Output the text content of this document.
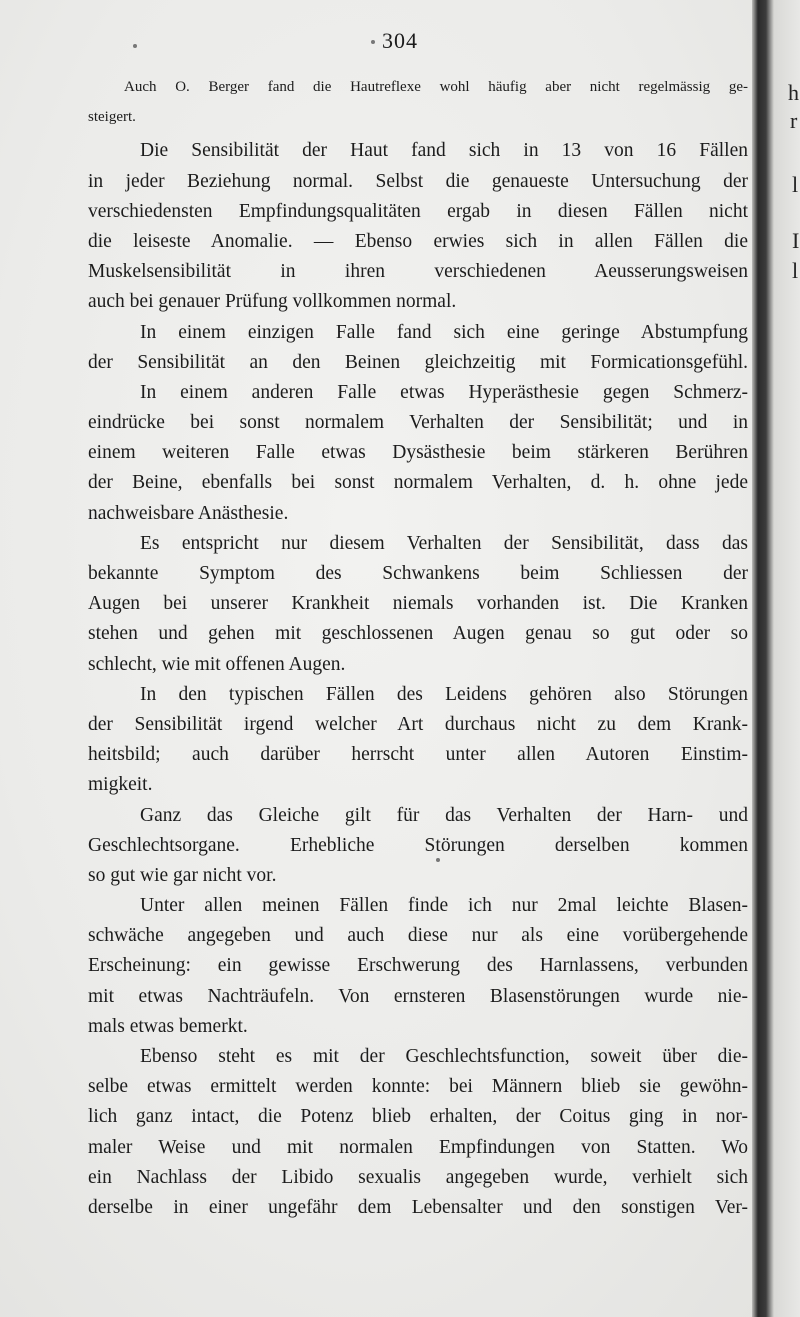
h
r
l
I
l
304
Auch O. Berger fand die Hautreflexe wohl häufig aber nicht regelmässig ge-
steigert.
Die Sensibilität der Haut fand sich in 13 von 16 Fällen
in jeder Beziehung normal. Selbst die genaueste Untersuchung der
verschiedensten Empfindungsqualitäten ergab in diesen Fällen nicht
die leiseste Anomalie. — Ebenso erwies sich in allen Fällen die
Muskelsensibilität in ihren verschiedenen Aeusserungsweisen
auch bei genauer Prüfung vollkommen normal.
In einem einzigen Falle fand sich eine geringe Abstumpfung
der Sensibilität an den Beinen gleichzeitig mit Formicationsgefühl.
In einem anderen Falle etwas Hyperästhesie gegen Schmerz-
eindrücke bei sonst normalem Verhalten der Sensibilität; und in
einem weiteren Falle etwas Dysästhesie beim stärkeren Berühren
der Beine, ebenfalls bei sonst normalem Verhalten, d. h. ohne jede
nachweisbare Anästhesie.
Es entspricht nur diesem Verhalten der Sensibilität, dass das
bekannte Symptom des Schwankens beim Schliessen der
Augen bei unserer Krankheit niemals vorhanden ist. Die Kranken
stehen und gehen mit geschlossenen Augen genau so gut oder so
schlecht, wie mit offenen Augen.
In den typischen Fällen des Leidens gehören also Störungen
der Sensibilität irgend welcher Art durchaus nicht zu dem Krank-
heitsbild; auch darüber herrscht unter allen Autoren Einstim-
migkeit.
Ganz das Gleiche gilt für das Verhalten der Harn- und
Geschlechtsorgane. Erhebliche Störungen derselben kommen
so gut wie gar nicht vor.
Unter allen meinen Fällen finde ich nur 2mal leichte Blasen-
schwäche angegeben und auch diese nur als eine vorübergehende
Erscheinung: ein gewisse Erschwerung des Harnlassens, verbunden
mit etwas Nachträufeln. Von ernsteren Blasenstörungen wurde nie-
mals etwas bemerkt.
Ebenso steht es mit der Geschlechtsfunction, soweit über die-
selbe etwas ermittelt werden konnte: bei Männern blieb sie gewöhn-
lich ganz intact, die Potenz blieb erhalten, der Coitus ging in nor-
maler Weise und mit normalen Empfindungen von Statten. Wo
ein Nachlass der Libido sexualis angegeben wurde, verhielt sich
derselbe in einer ungefähr dem Lebensalter und den sonstigen Ver-
